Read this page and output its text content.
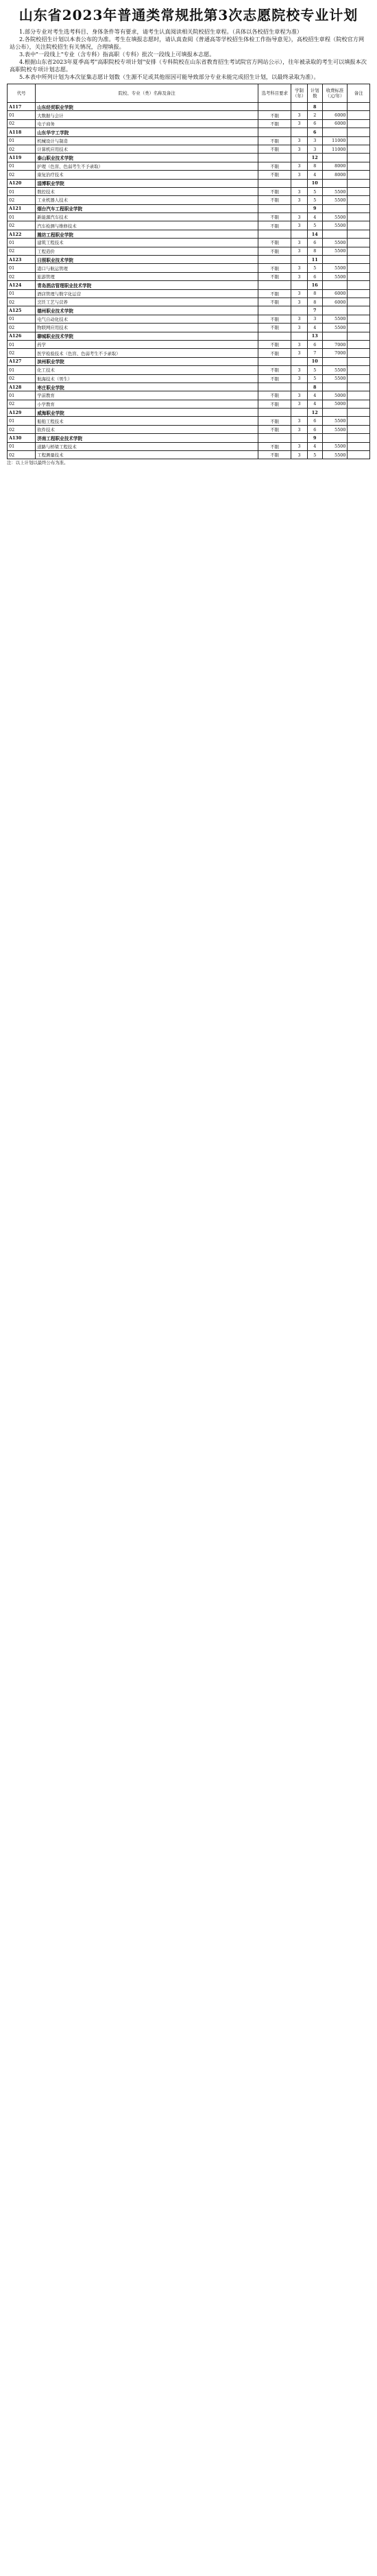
山东省2023年普通类常规批第3次志愿院校专业计划

1.部分专业对考生选考科目、身体条件等有要求，请考生认真阅读相关院校招生章程。（具体以各校招生章程为准）

2.各院校招生计划以本表公布的为准。考生在填报志愿时，请认真查阅《普通高等学校招生体检工作指导意见》，高校招生章程（院校官方网站公布），关注院校招生有关情况，合理填报。

3.表中"一段线上"专业（含专科）指高职（专科）批次一段线上可填报本志愿。

4.根据山东省2023年夏季高考"高职院校专项计划"安排（专科院校在山东省教育招生考试院官方网站公示），往年被录取的考生可以填报本次高职院校专项计划志愿。

5.本表中所列计划为本次征集志愿计划数（生源不足或其他原因可能导致部分专业未能完成招生计划，以最终录取为准）。

代号	院校、专业（类）名称及备注	选考科目要求	学制（年）	计划数	收费标准（元/年）	备注
A117	山东经贸职业学院			8		
01	大数据与会计	不限	3	2	6000	
02	电子商务	不限	3	6	6000	
A118	山东华宇工学院			6		
01	机械设计与制造	不限	3	3	11000	
02	计算机应用技术	不限	3	3	11000	
A119	泰山职业技术学院			12		
01	护理（色盲、色弱考生不予录取）	不限	3	8	8000	
02	康复治疗技术	不限	3	4	8000	
A120	淄博职业学院			10		
01	数控技术	不限	3	5	5500	
02	工业机器人技术	不限	3	5	5500	
A121	烟台汽车工程职业学院			9		
01	新能源汽车技术	不限	3	4	5500	
02	汽车检测与维修技术	不限	3	5	5500	
A122	潍坊工程职业学院			14		
01	建筑工程技术	不限	3	6	5500	
02	工程造价	不限	3	8	5500	
A123	日照职业技术学院			11		
01	港口与航运管理	不限	3	5	5500	
02	旅游管理	不限	3	6	5500	
A124	青岛酒店管理职业技术学院			16		
01	酒店管理与数字化运营	不限	3	8	6000	
02	烹饪工艺与营养	不限	3	8	6000	
A125	德州职业技术学院			7		
01	电气自动化技术	不限	3	3	5500	
02	物联网应用技术	不限	3	4	5500	
A126	聊城职业技术学院			13		
01	药学	不限	3	6	7000	
02	医学检验技术（色盲、色弱考生不予录取）	不限	3	7	7000	
A127	滨州职业学院			10		
01	化工技术	不限	3	5	5500	
02	航海技术（男生）	不限	3	5	5500	
A128	枣庄职业学院			8		
01	学前教育	不限	3	4	5000	
02	小学教育	不限	3	4	5000	
A129	威海职业学院			12		
01	船舶工程技术	不限	3	6	5500	
02	软件技术	不限	3	6	5500	
A130	济南工程职业技术学院			9		
01	道路与桥梁工程技术	不限	3	4	5500	
02	工程测量技术	不限	3	5	5500	
注：以上计划以最终公布为准。
